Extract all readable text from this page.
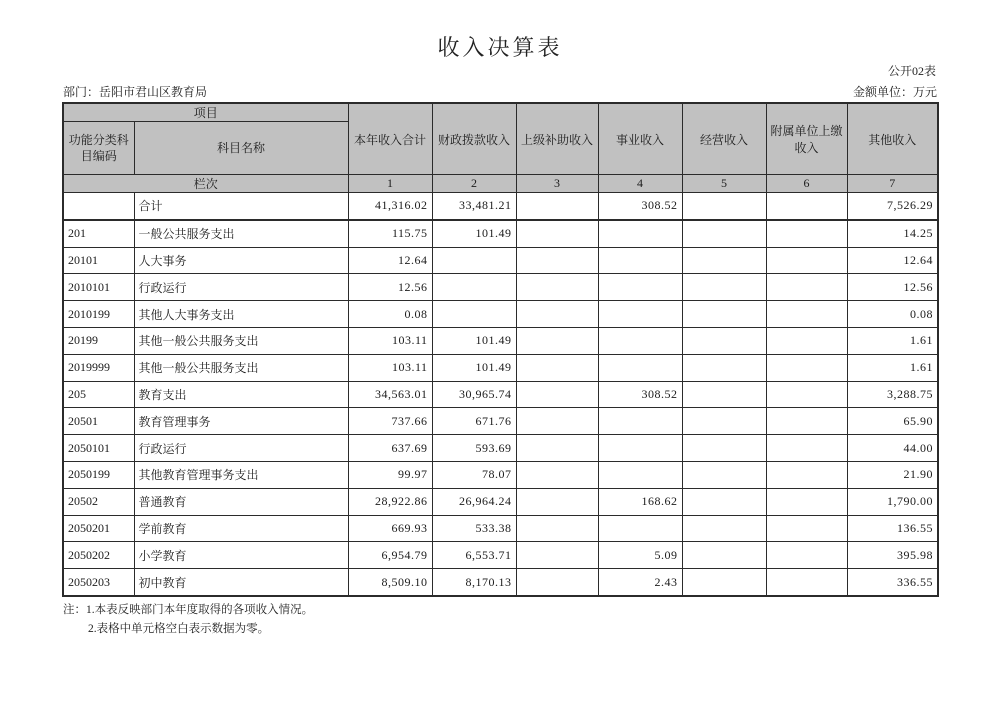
收入决算表
公开02表
部门：岳阳市君山区教育局	金额单位：万元
项目		本年收入合计	财政拨款收入	上级补助收入	事业收入	经营收入	附属单位上缴收入	其他收入
功能分类科目编码	科目名称							
栏次		1	2	3	4	5	6	7
	合计	41,316.02	33,481.21		308.52			7,526.29
201	一般公共服务支出	115.75	101.49					14.25
20101	人大事务	12.64						12.64
2010101	行政运行	12.56						12.56
2010199	其他人大事务支出	0.08						0.08
20199	其他一般公共服务支出	103.11	101.49					1.61
2019999	其他一般公共服务支出	103.11	101.49					1.61
205	教育支出	34,563.01	30,965.74		308.52			3,288.75
20501	教育管理事务	737.66	671.76					65.90
2050101	行政运行	637.69	593.69					44.00
2050199	其他教育管理事务支出	99.97	78.07					21.90
20502	普通教育	28,922.86	26,964.24		168.62			1,790.00
2050201	学前教育	669.93	533.38					136.55
2050202	小学教育	6,954.79	6,553.71		5.09			395.98
2050203	初中教育	8,509.10	8,170.13		2.43			336.55
注：1.本表反映部门本年度取得的各项收入情况。
2.表格中单元格空白表示数据为零。
